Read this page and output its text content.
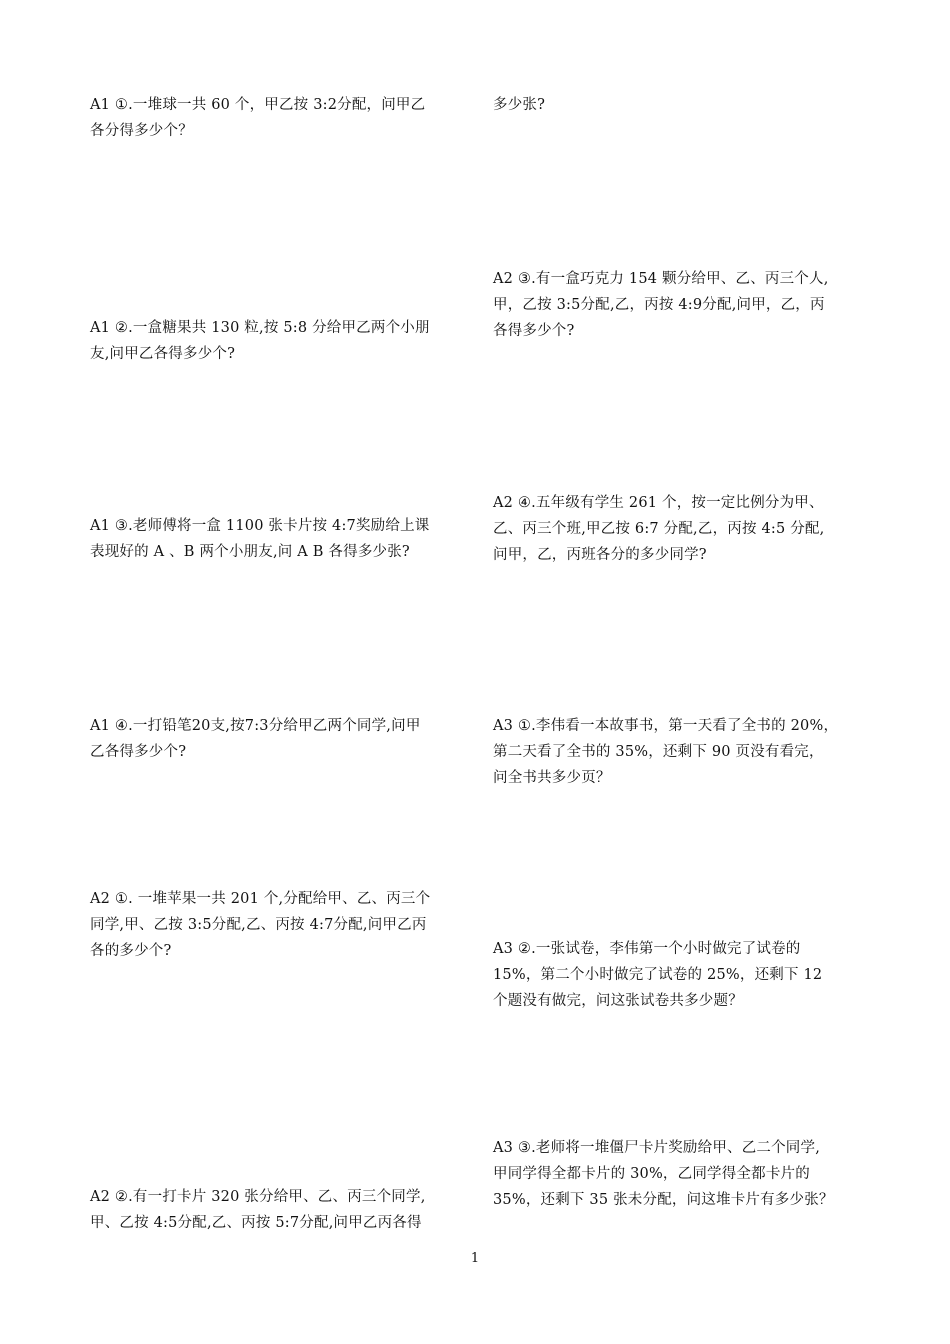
A1 ①.一堆球一共 60 个，甲乙按 3:2分配，问甲乙
各分得多少个？
A1 ②.一盒糖果共 130 粒,按 5:8 分给甲乙两个小朋
友,问甲乙各得多少个?
A1 ③.老师傅将一盒 1100 张卡片按 4:7奖励给上课
表现好的 A 、B 两个小朋友,问 A B 各得多少张?
A1 ④.一打铅笔20支,按7:3分给甲乙两个同学,问甲
乙各得多少个?
A2 ①. 一堆苹果一共 201 个,分配给甲、乙、丙三个
同学,甲、乙按 3:5分配,乙、丙按 4:7分配,问甲乙丙
各的多少个?
A2 ②.有一打卡片 320 张分给甲、乙、丙三个同学,
甲、乙按 4:5分配,乙、丙按 5:7分配,问甲乙丙各得
多少张?
A2 ③.有一盒巧克力 154 颗分给甲、乙、丙三个人,
甲，乙按 3:5分配,乙，丙按 4:9分配,问甲，乙，丙
各得多少个?
A2 ④.五年级有学生 261 个，按一定比例分为甲、
乙、丙三个班,甲乙按 6:7 分配,乙，丙按 4:5 分配,
问甲，乙，丙班各分的多少同学?
A3 ①.李伟看一本故事书，第一天看了全书的 20%，
第二天看了全书的 35%，还剩下 90 页没有看完，
问全书共多少页？
A3 ②.一张试卷，李伟第一个小时做完了试卷的
15%，第二个小时做完了试卷的 25%，还剩下 12
个题没有做完，问这张试卷共多少题？
A3 ③.老师将一堆僵尸卡片奖励给甲、乙二个同学,
甲同学得全都卡片的 30%，乙同学得全都卡片的
35%，还剩下 35 张未分配，问这堆卡片有多少张？
1
